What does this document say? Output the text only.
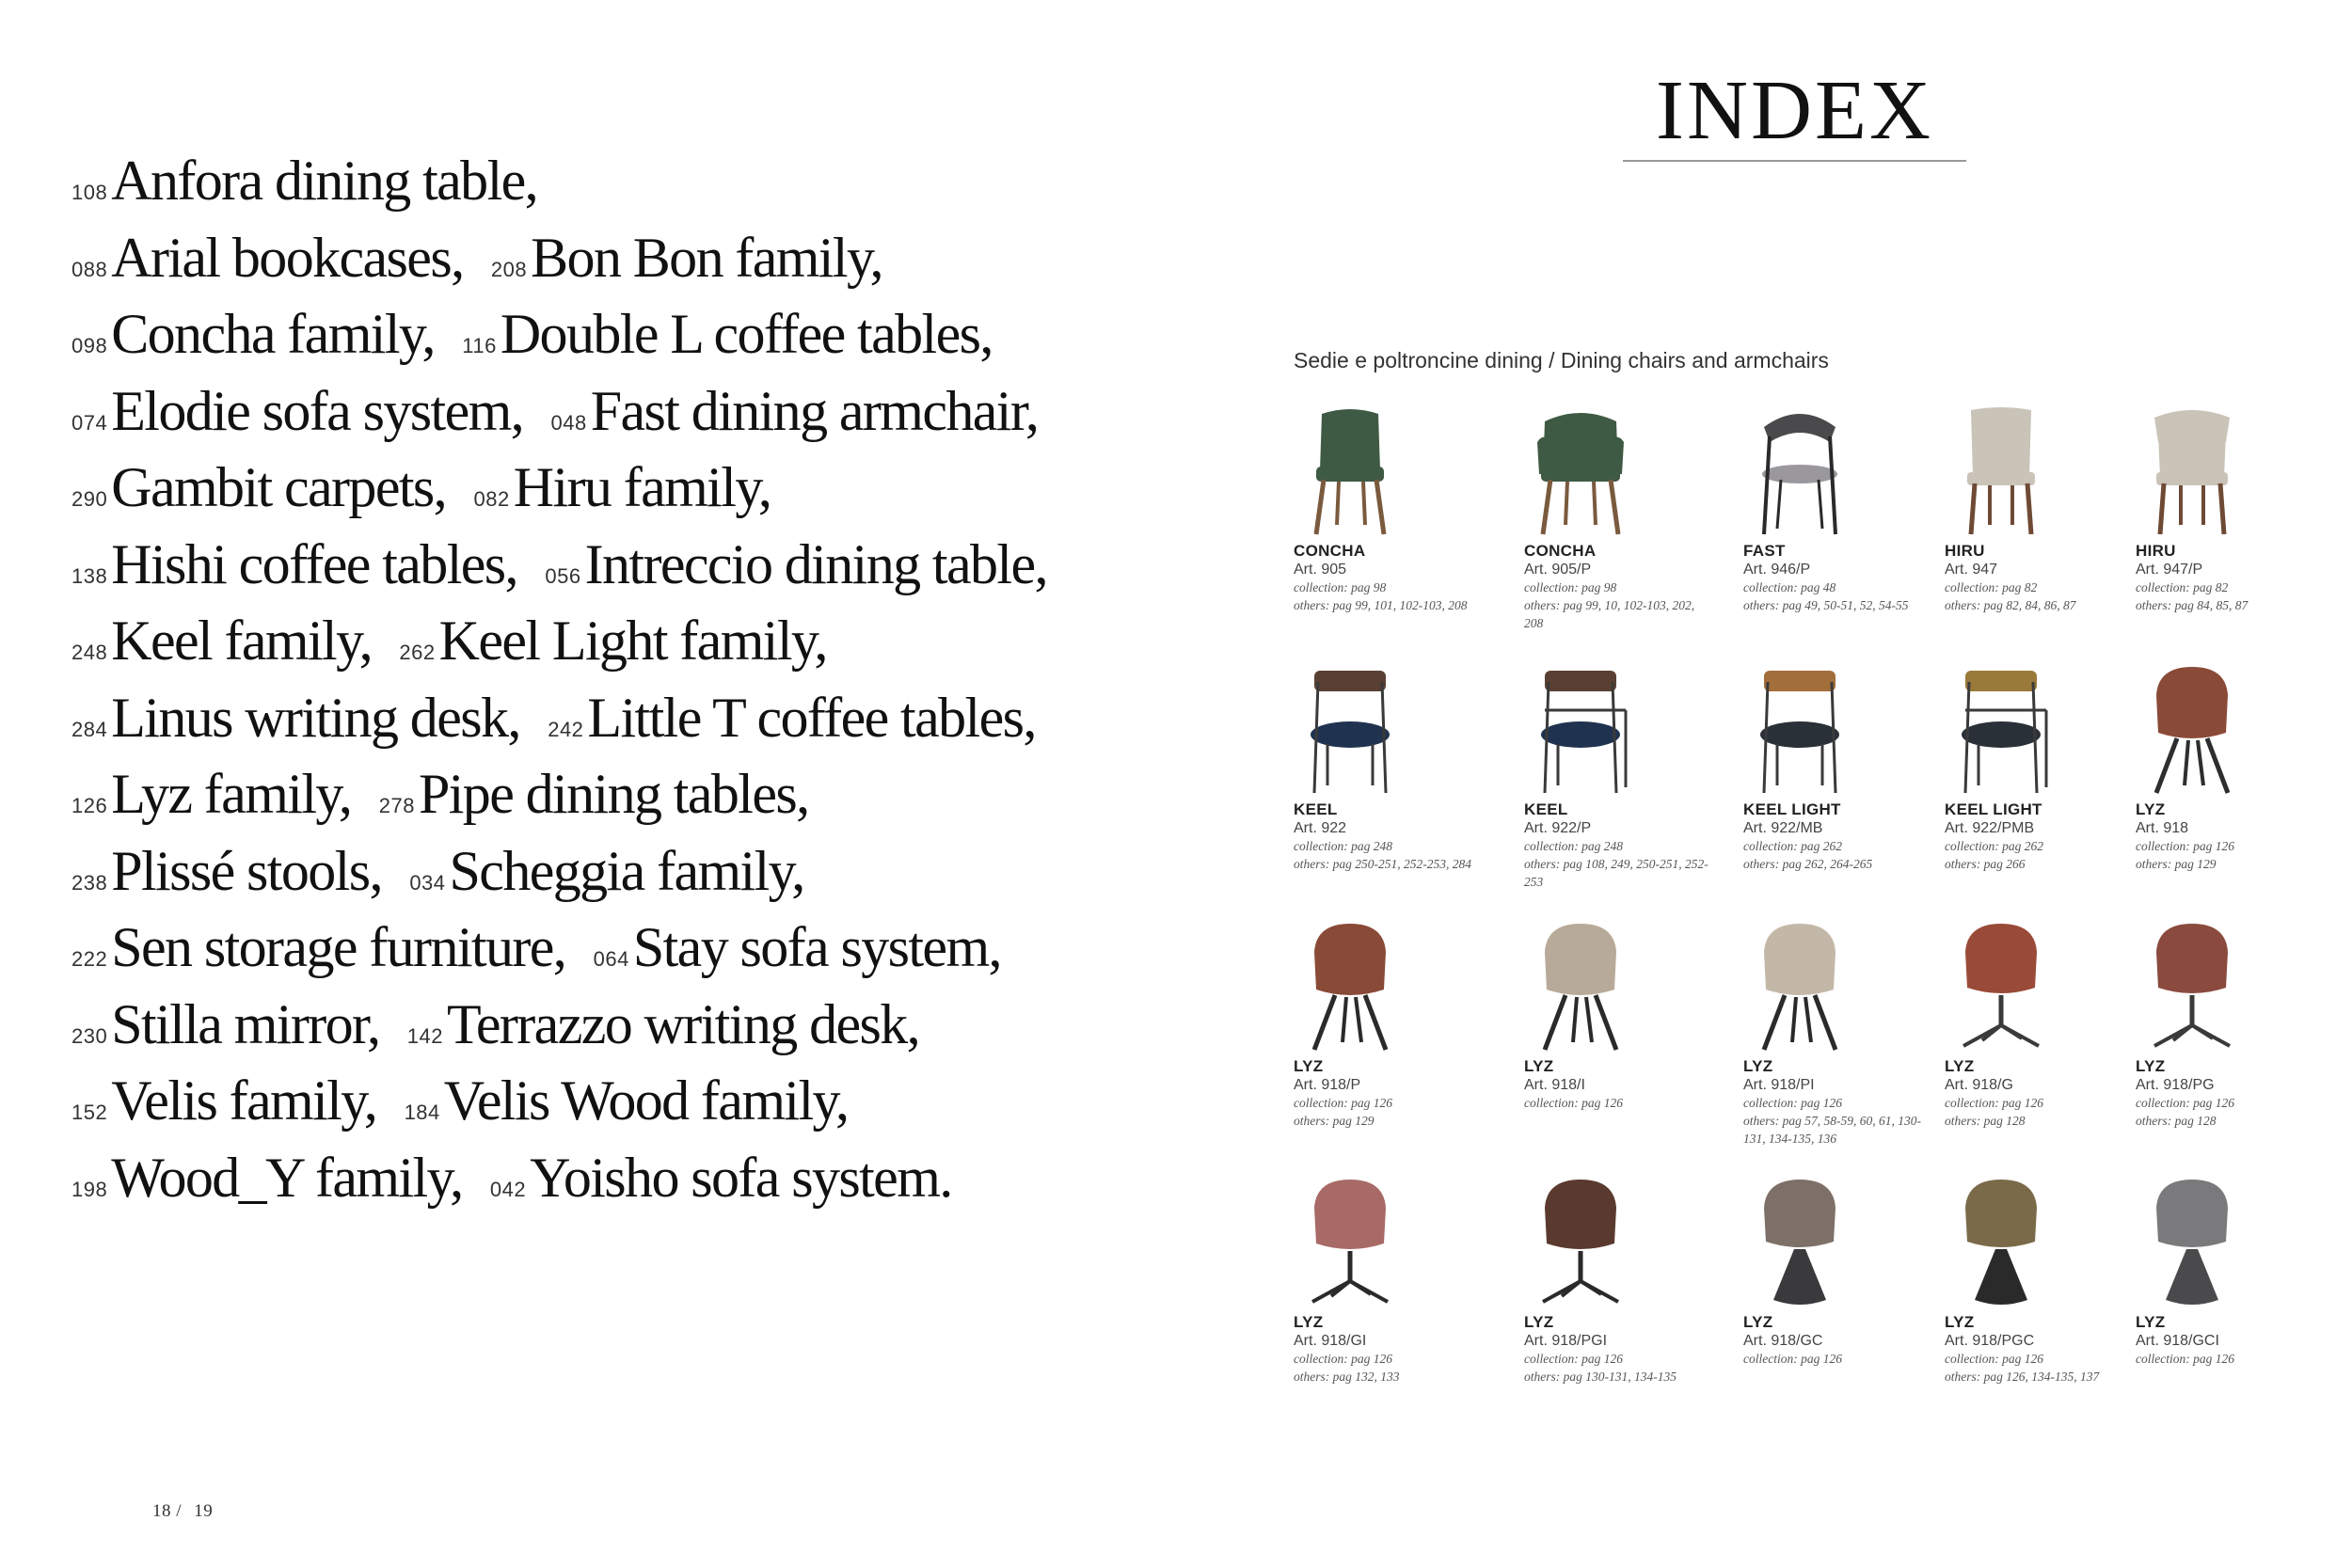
108Anfora dining table,
088Arial bookcases, 208Bon Bon family,
098Concha family, 116Double L coffee tables,
074Elodie sofa system, 048Fast dining armchair,
290Gambit carpets, 082Hiru family,
138Hishi coffee tables, 056Intreccio dining table,
248Keel family, 262Keel Light family,
284Linus writing desk, 242Little T coffee tables,
126Lyz family, 278Pipe dining tables,
238Plissé stools, 034Scheggia family,
222Sen storage furniture, 064Stay sofa system,
230Stilla mirror, 142Terrazzo writing desk,
152Velis family, 184Velis Wood family,
198Wood_Y family, 042Yoisho sofa system.
18 / 19
INDEX
Sedie e poltroncine dining / Dining chairs and armchairs
CONCHA
Art. 905
collection: pag 98
others: pag 99, 101, 102-103, 208
CONCHA
Art. 905/P
collection: pag 98
others: pag 99, 10, 102-103, 202, 208
FAST
Art. 946/P
collection: pag 48
others: pag 49, 50-51, 52, 54-55
HIRU
Art. 947
collection: pag 82
others: pag 82, 84, 86, 87
HIRU
Art. 947/P
collection: pag 82
others: pag 84, 85, 87
KEEL
Art. 922
collection: pag 248
others: pag 250-251, 252-253, 284
KEEL
Art. 922/P
collection: pag 248
others: pag 108, 249, 250-251, 252-253
KEEL LIGHT
Art. 922/MB
collection: pag 262
others: pag 262, 264-265
KEEL LIGHT
Art. 922/PMB
collection: pag 262
others: pag 266
LYZ
Art. 918
collection: pag 126
others: pag 129
LYZ
Art. 918/P
collection: pag 126
others: pag 129
LYZ
Art. 918/I
collection: pag 126
LYZ
Art. 918/PI
collection: pag 126
others: pag 57, 58-59, 60, 61, 130-131, 134-135, 136
LYZ
Art. 918/G
collection: pag 126
others: pag 128
LYZ
Art. 918/PG
collection: pag 126
others: pag 128
LYZ
Art. 918/GI
collection: pag 126
others: pag 132, 133
LYZ
Art. 918/PGI
collection: pag 126
others: pag 130-131, 134-135
LYZ
Art. 918/GC
collection: pag 126
LYZ
Art. 918/PGC
collection: pag 126
others: pag 126, 134-135, 137
LYZ
Art. 918/GCI
collection: pag 126
